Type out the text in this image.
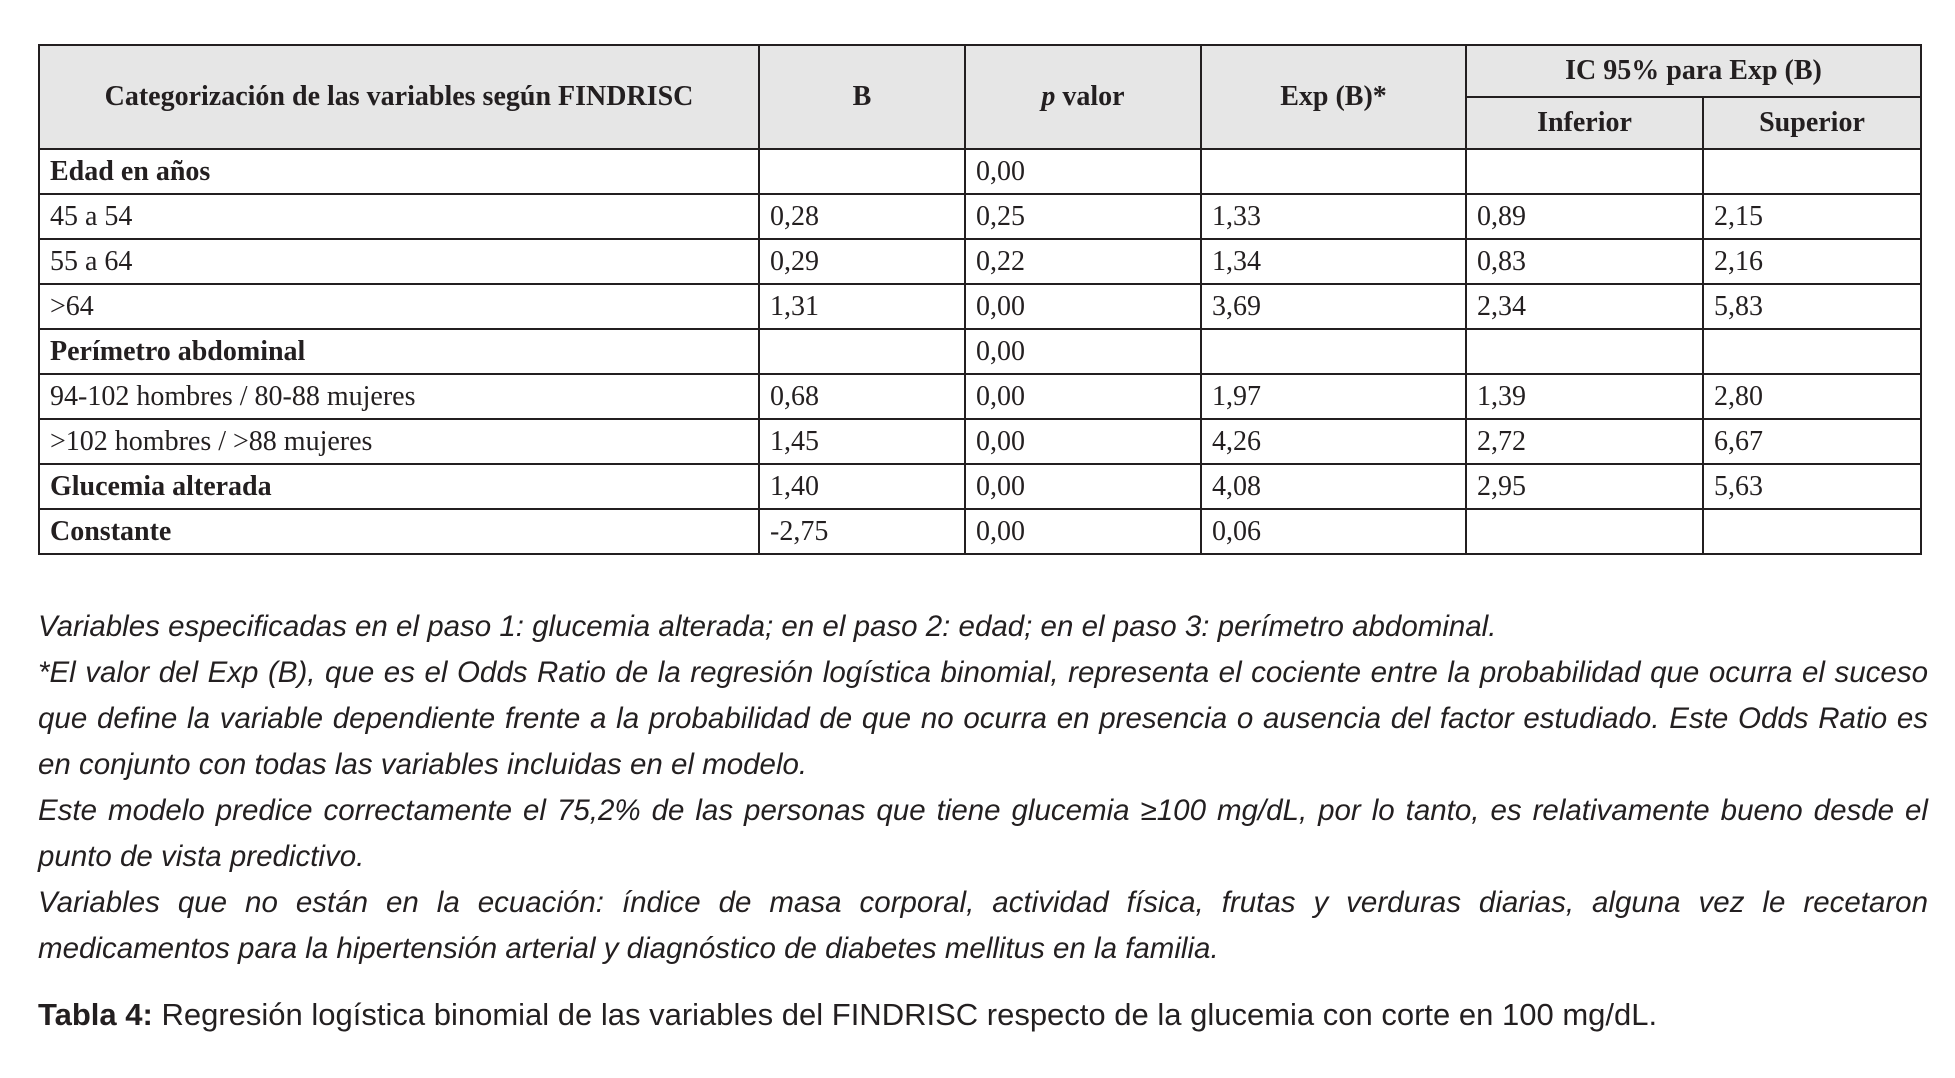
Categorización de las variables según FINDRISC	B	p valor	Exp (B)*	IC 95% para Exp (B)	
				Inferior	Superior
Edad en años		0,00			
45 a 54	0,28	0,25	1,33	0,89	2,15
55 a 64	0,29	0,22	1,34	0,83	2,16
>64	1,31	0,00	3,69	2,34	5,83
Perímetro abdominal		0,00			
94-102 hombres / 80-88 mujeres	0,68	0,00	1,97	1,39	2,80
>102 hombres / >88 mujeres	1,45	0,00	4,26	2,72	6,67
Glucemia alterada	1,40	0,00	4,08	2,95	5,63
Constante	-2,75	0,00	0,06		

Variables especificadas en el paso 1: glucemia alterada; en el paso 2: edad; en el paso 3: perímetro abdominal.

*El valor del Exp (B), que es el Odds Ratio de la regresión logística binomial, representa el cociente entre la probabilidad que ocurra el suceso que define la variable dependiente frente a la probabilidad de que no ocurra en presencia o ausencia del factor estudiado. Este Odds Ratio es en conjunto con todas las variables incluidas en el modelo.

Este modelo predice correctamente el 75,2% de las personas que tiene glucemia ≥100 mg/dL, por lo tanto, es relativamente bueno desde el punto de vista predictivo.

Variables que no están en la ecuación: índice de masa corporal, actividad física, frutas y verduras diarias, alguna vez le recetaron medicamentos para la hipertensión arterial y diagnóstico de diabetes mellitus en la familia.

Tabla 4: Regresión logística binomial de las variables del FINDRISC respecto de la glucemia con corte en 100 mg/dL.
